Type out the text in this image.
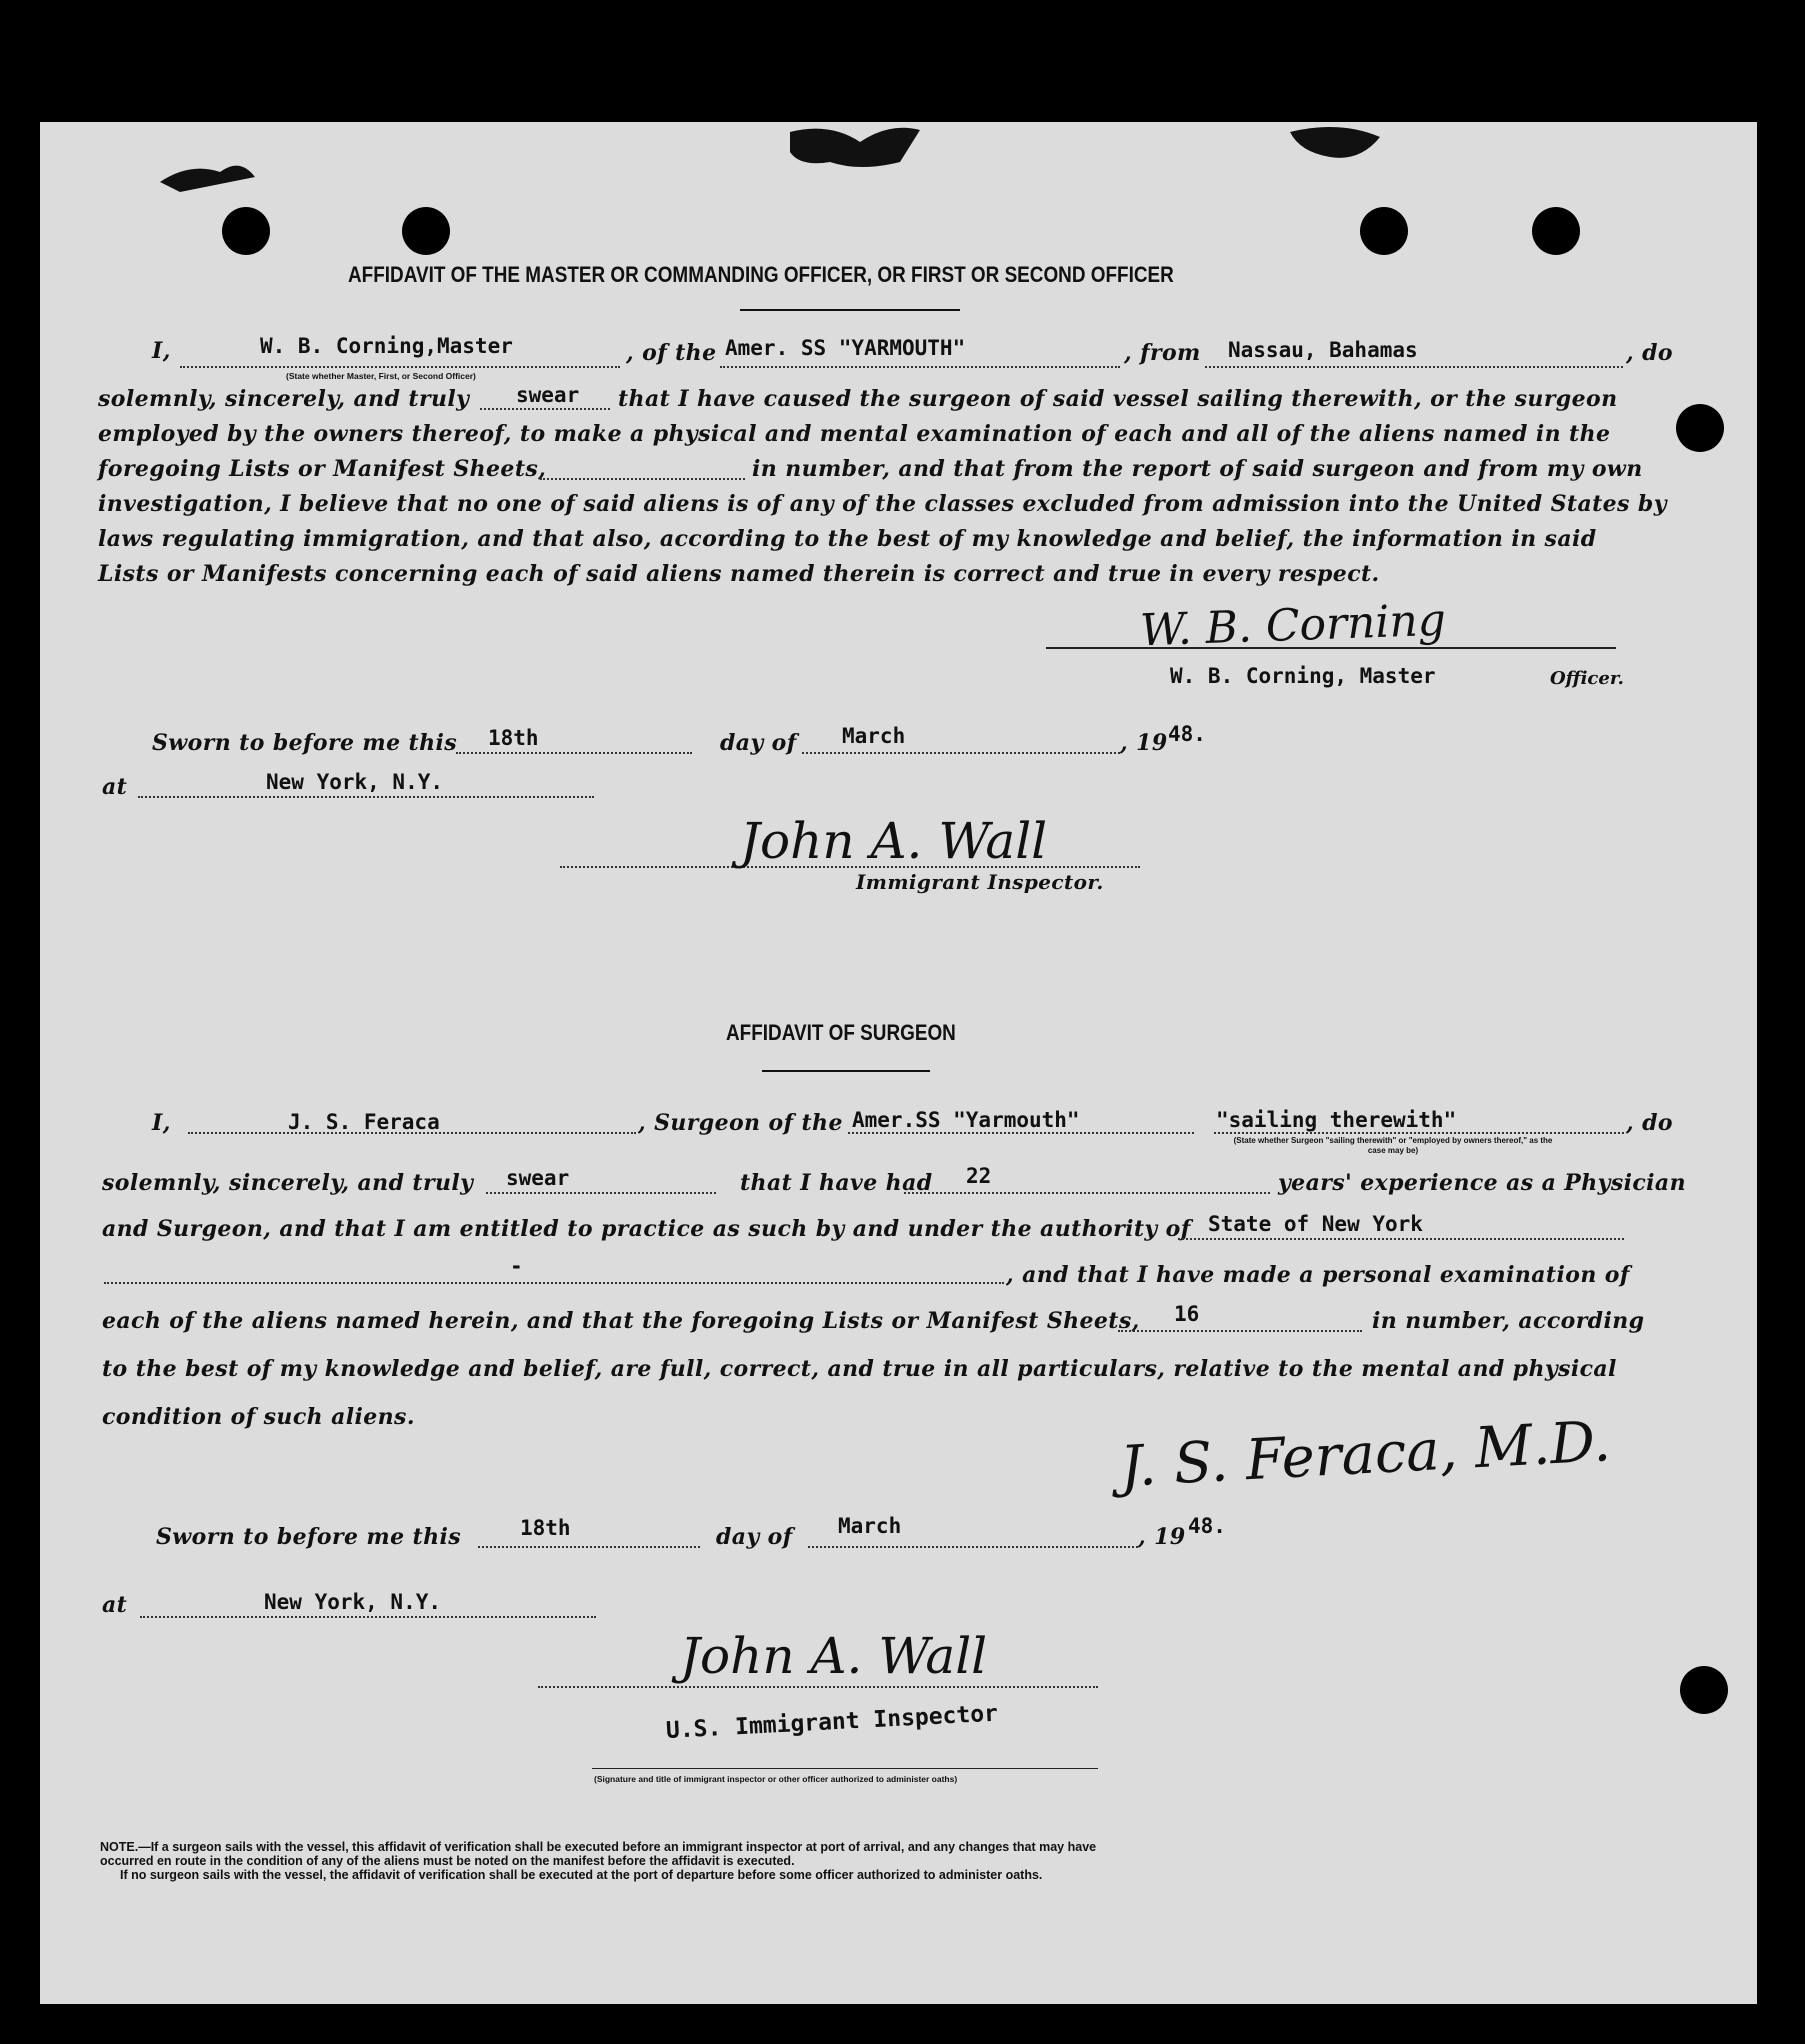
AFFIDAVIT OF THE MASTER OR COMMANDING OFFICER, OR FIRST OR SECOND OFFICER
I,	W. B. Corning,Master
(State whether Master, First, or Second Officer)
, of the Amer. SS "YARMOUTH"	, from Nassau, Bahamas	, do
solemnly, sincerely, and truly swear that I have caused the surgeon of said vessel sailing therewith, or the surgeon
employed by the owners thereof, to make a physical and mental examination of each and all of the aliens named in the
foregoing Lists or Manifest Sheets,	in number, and that from the report of said surgeon and from my own
investigation, I believe that no one of said aliens is of any of the classes excluded from admission into the United States by
laws regulating immigration, and that also, according to the best of my knowledge and belief, the information in said
Lists or Manifests concerning each of said aliens named therein is correct and true in every respect.
W. B. Corning
W. B. Corning, Master	Officer.
Sworn to before me this 18th	day of March	, 19 48.
at	New York, N.Y.
John A. Wall
Immigrant Inspector.
AFFIDAVIT OF SURGEON
I,	J. S. Feraca	, Surgeon of the Amer.SS "Yarmouth"	"sailing therewith"	, do
(State whether Surgeon "sailing therewith" or "employed by owners thereof," as the case may be)
solemnly, sincerely, and truly swear	that I have had 22	years' experience as a Physician
and Surgeon, and that I am entitled to practice as such by and under the authority of State of New York
-	, and that I have made a personal examination of
each of the aliens named herein, and that the foregoing Lists or Manifest Sheets, 16	in number, according
to the best of my knowledge and belief, are full, correct, and true in all particulars, relative to the mental and physical
condition of such aliens.	J. S. Feraca, M.D.
Sworn to before me this	18th	day of March	, 19 48.
at	New York, N.Y.
John A. Wall
U.S. Immigrant Inspector
(Signature and title of immigrant inspector or other officer authorized to administer oaths)
NOTE.—If a surgeon sails with the vessel, this affidavit of verification shall be executed before an immigrant inspector at port of arrival, and any changes that may have
occurred en route in the condition of any of the aliens must be noted on the manifest before the affidavit is executed.
If no surgeon sails with the vessel, the affidavit of verification shall be executed at the port of departure before some officer authorized to administer oaths.
